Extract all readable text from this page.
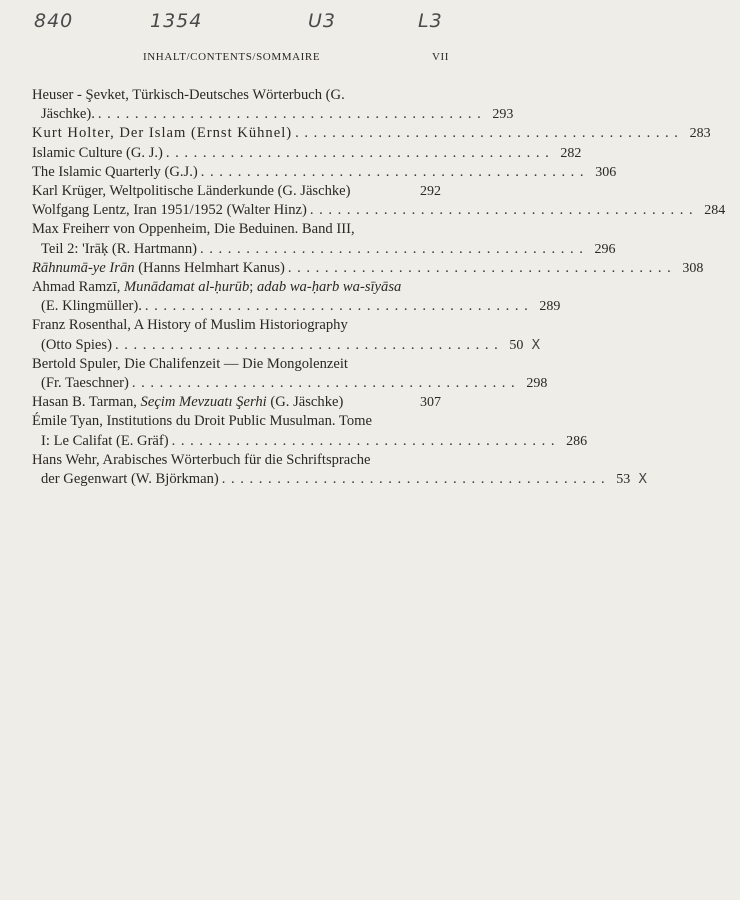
840	1354	U3	L3
INHALT/CONTENTS/SOMMAIRE	VII
Heuser - Şevket, Türkisch-Deutsches Wörterbuch (G.
Jäschke). .......................................... 293
Kurt Holter, Der Islam (Ernst Kühnel) .......................................... 283
Islamic Culture (G. J.) .......................................... 282
The Islamic Quarterly (G.J.) .......................................... 306
Karl Krüger, Weltpolitische Länderkunde (G. Jäschke)	292
Wolfgang Lentz, Iran 1951/1952 (Walter Hinz) .......................................... 284
Max Freiherr von Oppenheim, Die Beduinen. Band III,
Teil 2: 'Irāķ (R. Hartmann) .......................................... 296
Rāhnumā-ye Irān (Hanns Helmhart Kanus) .......................................... 308
Ahmad Ramzī, Munādamat al-ḥurūb; adab wa-ḥarb wa-sīyāsa
(E. Klingmüller). .......................................... 289
Franz Rosenthal, A History of Muslim Historiography
(Otto Spies) .......................................... 50 X
Bertold Spuler, Die Chalifenzeit — Die Mongolenzeit
(Fr. Taeschner) .......................................... 298
Hasan B. Tarman, Seçim Mevzuatı Şerhi (G. Jäschke)	307
Émile Tyan, Institutions du Droit Public Musulman. Tome
I: Le Califat (E. Gräf) .......................................... 286
Hans Wehr, Arabisches Wörterbuch für die Schriftsprache
der Gegenwart (W. Björkman) .......................................... 53 X
